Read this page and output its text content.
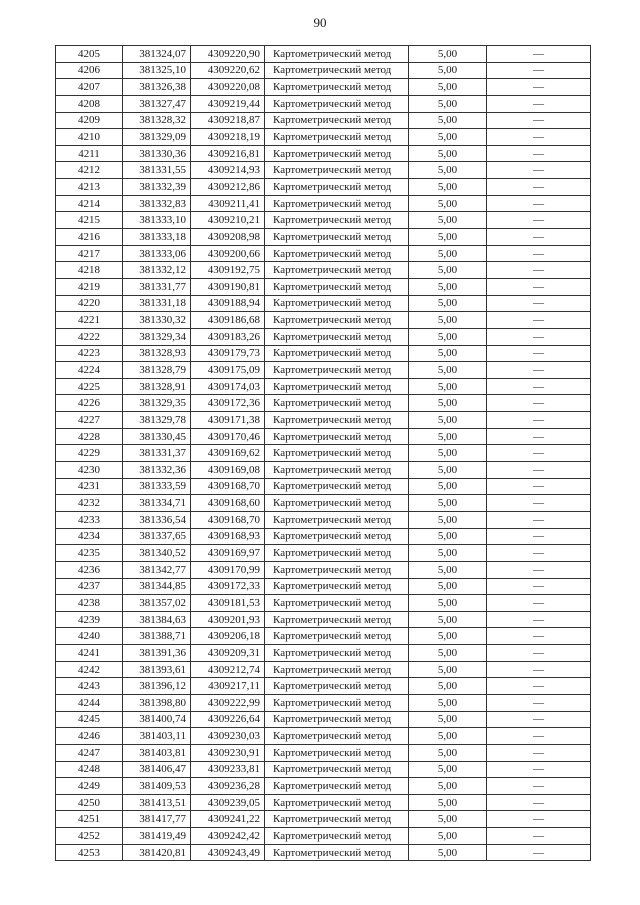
90
4205	381324,07	4309220,90	Картометрический метод	5,00	—
4206	381325,10	4309220,62	Картометрический метод	5,00	—
4207	381326,38	4309220,08	Картометрический метод	5,00	—
4208	381327,47	4309219,44	Картометрический метод	5,00	—
4209	381328,32	4309218,87	Картометрический метод	5,00	—
4210	381329,09	4309218,19	Картометрический метод	5,00	—
4211	381330,36	4309216,81	Картометрический метод	5,00	—
4212	381331,55	4309214,93	Картометрический метод	5,00	—
4213	381332,39	4309212,86	Картометрический метод	5,00	—
4214	381332,83	4309211,41	Картометрический метод	5,00	—
4215	381333,10	4309210,21	Картометрический метод	5,00	—
4216	381333,18	4309208,98	Картометрический метод	5,00	—
4217	381333,06	4309200,66	Картометрический метод	5,00	—
4218	381332,12	4309192,75	Картометрический метод	5,00	—
4219	381331,77	4309190,81	Картометрический метод	5,00	—
4220	381331,18	4309188,94	Картометрический метод	5,00	—
4221	381330,32	4309186,68	Картометрический метод	5,00	—
4222	381329,34	4309183,26	Картометрический метод	5,00	—
4223	381328,93	4309179,73	Картометрический метод	5,00	—
4224	381328,79	4309175,09	Картометрический метод	5,00	—
4225	381328,91	4309174,03	Картометрический метод	5,00	—
4226	381329,35	4309172,36	Картометрический метод	5,00	—
4227	381329,78	4309171,38	Картометрический метод	5,00	—
4228	381330,45	4309170,46	Картометрический метод	5,00	—
4229	381331,37	4309169,62	Картометрический метод	5,00	—
4230	381332,36	4309169,08	Картометрический метод	5,00	—
4231	381333,59	4309168,70	Картометрический метод	5,00	—
4232	381334,71	4309168,60	Картометрический метод	5,00	—
4233	381336,54	4309168,70	Картометрический метод	5,00	—
4234	381337,65	4309168,93	Картометрический метод	5,00	—
4235	381340,52	4309169,97	Картометрический метод	5,00	—
4236	381342,77	4309170,99	Картометрический метод	5,00	—
4237	381344,85	4309172,33	Картометрический метод	5,00	—
4238	381357,02	4309181,53	Картометрический метод	5,00	—
4239	381384,63	4309201,93	Картометрический метод	5,00	—
4240	381388,71	4309206,18	Картометрический метод	5,00	—
4241	381391,36	4309209,31	Картометрический метод	5,00	—
4242	381393,61	4309212,74	Картометрический метод	5,00	—
4243	381396,12	4309217,11	Картометрический метод	5,00	—
4244	381398,80	4309222,99	Картометрический метод	5,00	—
4245	381400,74	4309226,64	Картометрический метод	5,00	—
4246	381403,11	4309230,03	Картометрический метод	5,00	—
4247	381403,81	4309230,91	Картометрический метод	5,00	—
4248	381406,47	4309233,81	Картометрический метод	5,00	—
4249	381409,53	4309236,28	Картометрический метод	5,00	—
4250	381413,51	4309239,05	Картометрический метод	5,00	—
4251	381417,77	4309241,22	Картометрический метод	5,00	—
4252	381419,49	4309242,42	Картометрический метод	5,00	—
4253	381420,81	4309243,49	Картометрический метод	5,00	—
